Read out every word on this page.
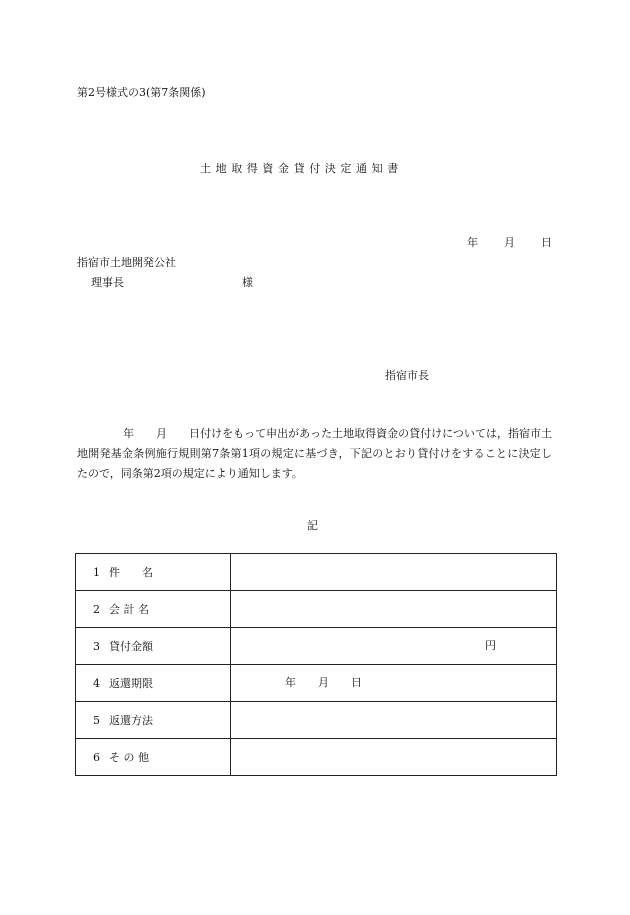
第2号様式の3(第7条関係)
土地取得資金貸付決定通知書
年 月 日
指宿市土地開発公社
理事長	様
指宿市長
年　　月　　日付けをもって申出があった土地取得資金の貸付けについては，指宿市土地開発基金条例施行規則第7条第1項の規定に基づき，下記のとおり貸付けをすることに決定したので，同条第2項の規定により通知します。
記
1 件　　名	

2 会 計 名	

3 貸付金額	円

4 返還期限	年　　月　　日

5 返還方法	

6 そ の 他	
